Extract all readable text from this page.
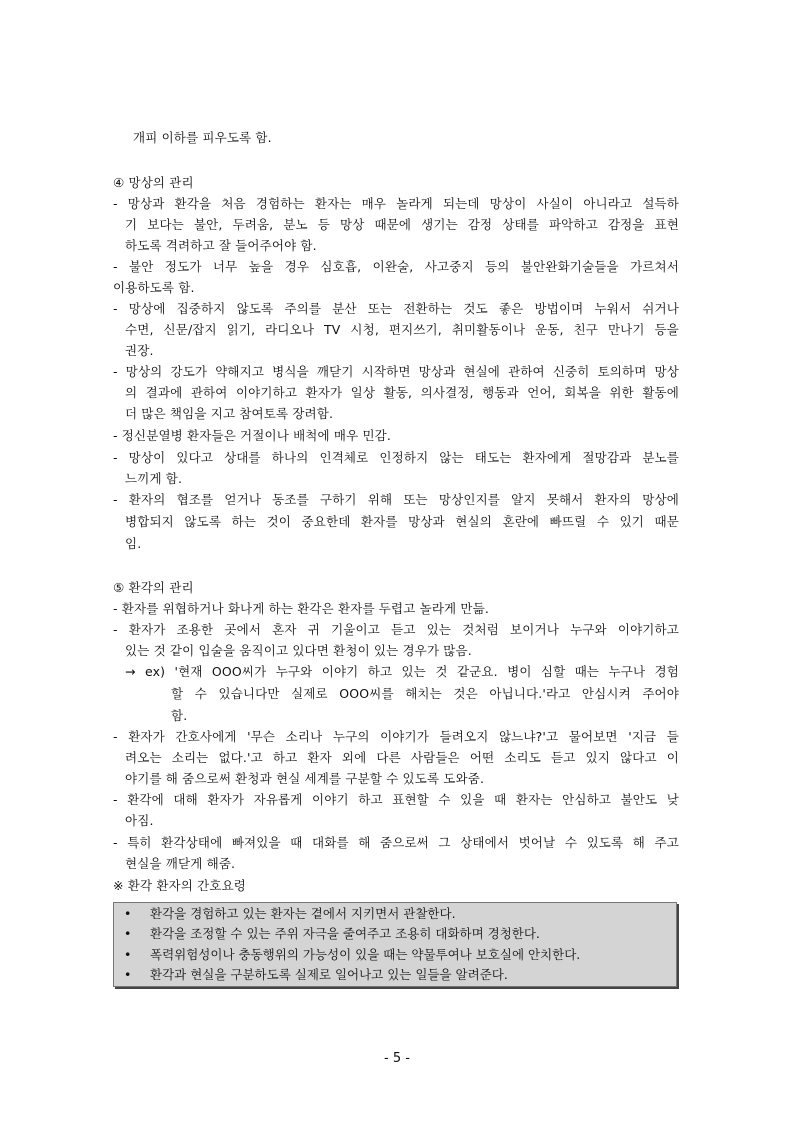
개피 이하를 피우도록 함.
④ 망상의 관리
- 망상과 환각을 처음 경험하는 환자는 매우 놀라게 되는데 망상이 사실이 아니라고 설득하
기 보다는 불안, 두려움, 분노 등 망상 때문에 생기는 감정 상태를 파악하고 감정을 표현
하도록 격려하고 잘 들어주어야 함.
- 불안 정도가 너무 높을 경우 심호흡, 이완술, 사고중지 등의 불안완화기술들을 가르쳐서
이용하도록 함.
- 망상에 집중하지 않도록 주의를 분산 또는 전환하는 것도 좋은 방법이며 누워서 쉬거나
수면, 신문/잡지 읽기, 라디오나 TV 시청, 편지쓰기, 취미활동이나 운동, 친구 만나기 등을
권장.
- 망상의 강도가 약해지고 병식을 깨닫기 시작하면 망상과 현실에 관하여 신중히 토의하며 망상
의 결과에 관하여 이야기하고 환자가 일상 활동, 의사결정, 행동과 언어, 회복을 위한 활동에
더 많은 책임을 지고 참여토록 장려함.
- 정신분열병 환자들은 거절이나 배척에 매우 민감.
- 망상이 있다고 상대를 하나의 인격체로 인정하지 않는 태도는 환자에게 절망감과 분노를
느끼게 함.
- 환자의 협조를 얻거나 동조를 구하기 위해 또는 망상인지를 알지 못해서 환자의 망상에
병합되지 않도록 하는 것이 중요한데 환자를 망상과 현실의 혼란에 빠뜨릴 수 있기 때문
임.
⑤ 환각의 관리
- 환자를 위협하거나 화나게 하는 환각은 환자를 두렵고 놀라게 만듦.
- 환자가 조용한 곳에서 혼자 귀 기울이고 듣고 있는 것처럼 보이거나 누구와 이야기하고
있는 것 같이 입술을 움직이고 있다면 환청이 있는 경우가 많음.
→ ex) '현재 OOO씨가 누구와 이야기 하고 있는 것 같군요. 병이 심할 때는 누구나 경험
할 수 있습니다만 실제로 OOO씨를 해치는 것은 아닙니다.'라고 안심시켜 주어야
함.
- 환자가 간호사에게 '무슨 소리나 누구의 이야기가 들려오지 않느냐?'고 물어보면 '지금 들
려오는 소리는 없다.'고 하고 환자 외에 다른 사람들은 어떤 소리도 듣고 있지 않다고 이
야기를 해 줌으로써 환청과 현실 세계를 구분할 수 있도록 도와줌.
- 환각에 대해 환자가 자유롭게 이야기 하고 표현할 수 있을 때 환자는 안심하고 불안도 낮
아짐.
- 특히 환각상태에 빠져있을 때 대화를 해 줌으로써 그 상태에서 벗어날 수 있도록 해 주고
현실을 깨닫게 해줌.
※ 환각 환자의 간호요령
• 환각을 경험하고 있는 환자는 곁에서 지키면서 관찰한다.
• 환각을 조정할 수 있는 주위 자극을 줄여주고 조용히 대화하며 경청한다.
• 폭력위험성이나 충동행위의 가능성이 있을 때는 약물투여나 보호실에 안치한다.
• 환각과 현실을 구분하도록 실제로 일어나고 있는 일들을 알려준다.
- 5 -
